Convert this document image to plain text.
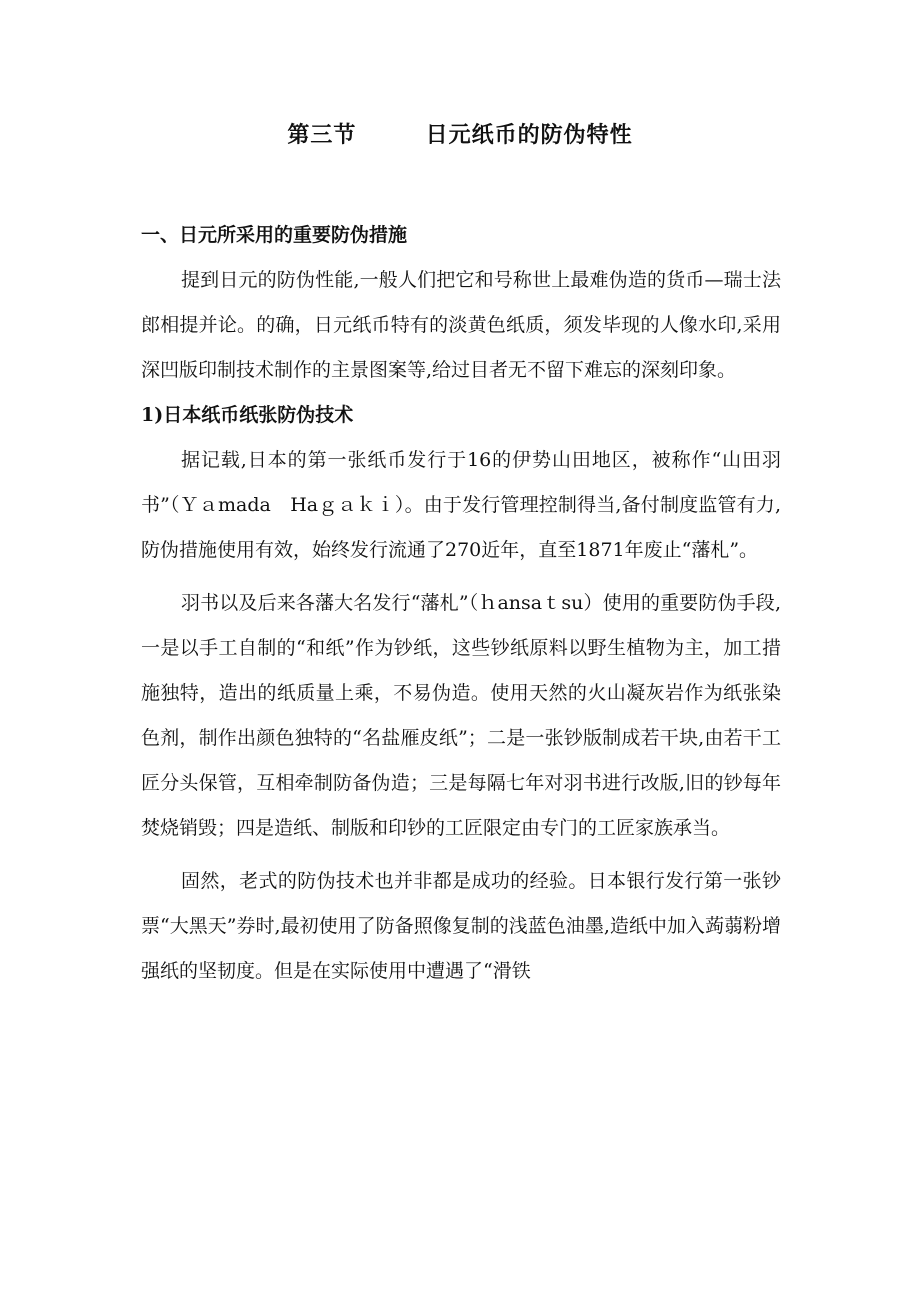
第三节        日元纸币的防伪特性

一、日元所采用的重要防伪措施

提到日元的防伪性能,一般人们把它和号称世上最难伪造的货币—瑞士法郎相提并论。的确，日元纸币特有的淡黄色纸质，须发毕现的人像水印,采用深凹版印制技术制作的主景图案等,给过目者无不留下难忘的深刻印象。

1)日本纸币纸张防伪技术

据记载,日本的第一张纸币发行于16的伊势山田地区，被称作“山田羽书”（Ｙａmada　Haｇａｋｉ）。由于发行管理控制得当,备付制度监管有力,防伪措施使用有效，始终发行流通了270近年，直至1871年废止“藩札”。

羽书以及后来各藩大名发行“藩札”（ｈansaｔsu）使用的重要防伪手段,一是以手工自制的“和纸”作为钞纸，这些钞纸原料以野生植物为主，加工措施独特，造出的纸质量上乘，不易伪造。使用天然的火山凝灰岩作为纸张染色剂，制作出颜色独特的“名盐雁皮纸”；二是一张钞版制成若干块,由若干工匠分头保管，互相牵制防备伪造；三是每隔七年对羽书进行改版,旧的钞每年焚烧销毁；四是造纸、制版和印钞的工匠限定由专门的工匠家族承当。

固然，老式的防伪技术也并非都是成功的经验。日本银行发行第一张钞票“大黑天”券时,最初使用了防备照像复制的浅蓝色油墨,造纸中加入蒟蒻粉增强纸的坚韧度。但是在实际使用中遭遇了“滑铁
